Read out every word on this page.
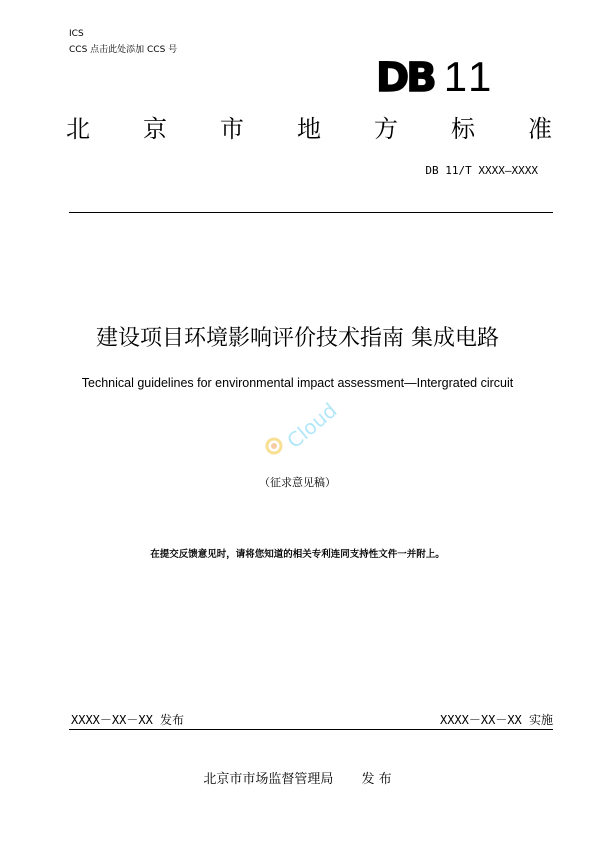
ICS
CCS 点击此处添加 CCS 号
DB 11
北 京 市 地 方 标 准
DB 11/T XXXX—XXXX
建设项目环境影响评价技术指南 集成电路
Technical guidelines for environmental impact assessment—Intergrated circuit
Cloud
（征求意见稿）
在提交反馈意见时，请将您知道的相关专利连同支持性文件一并附上。
XXXX－XX－XX 发布	XXXX－XX－XX 实施
北京市市场监督管理局 发 布
